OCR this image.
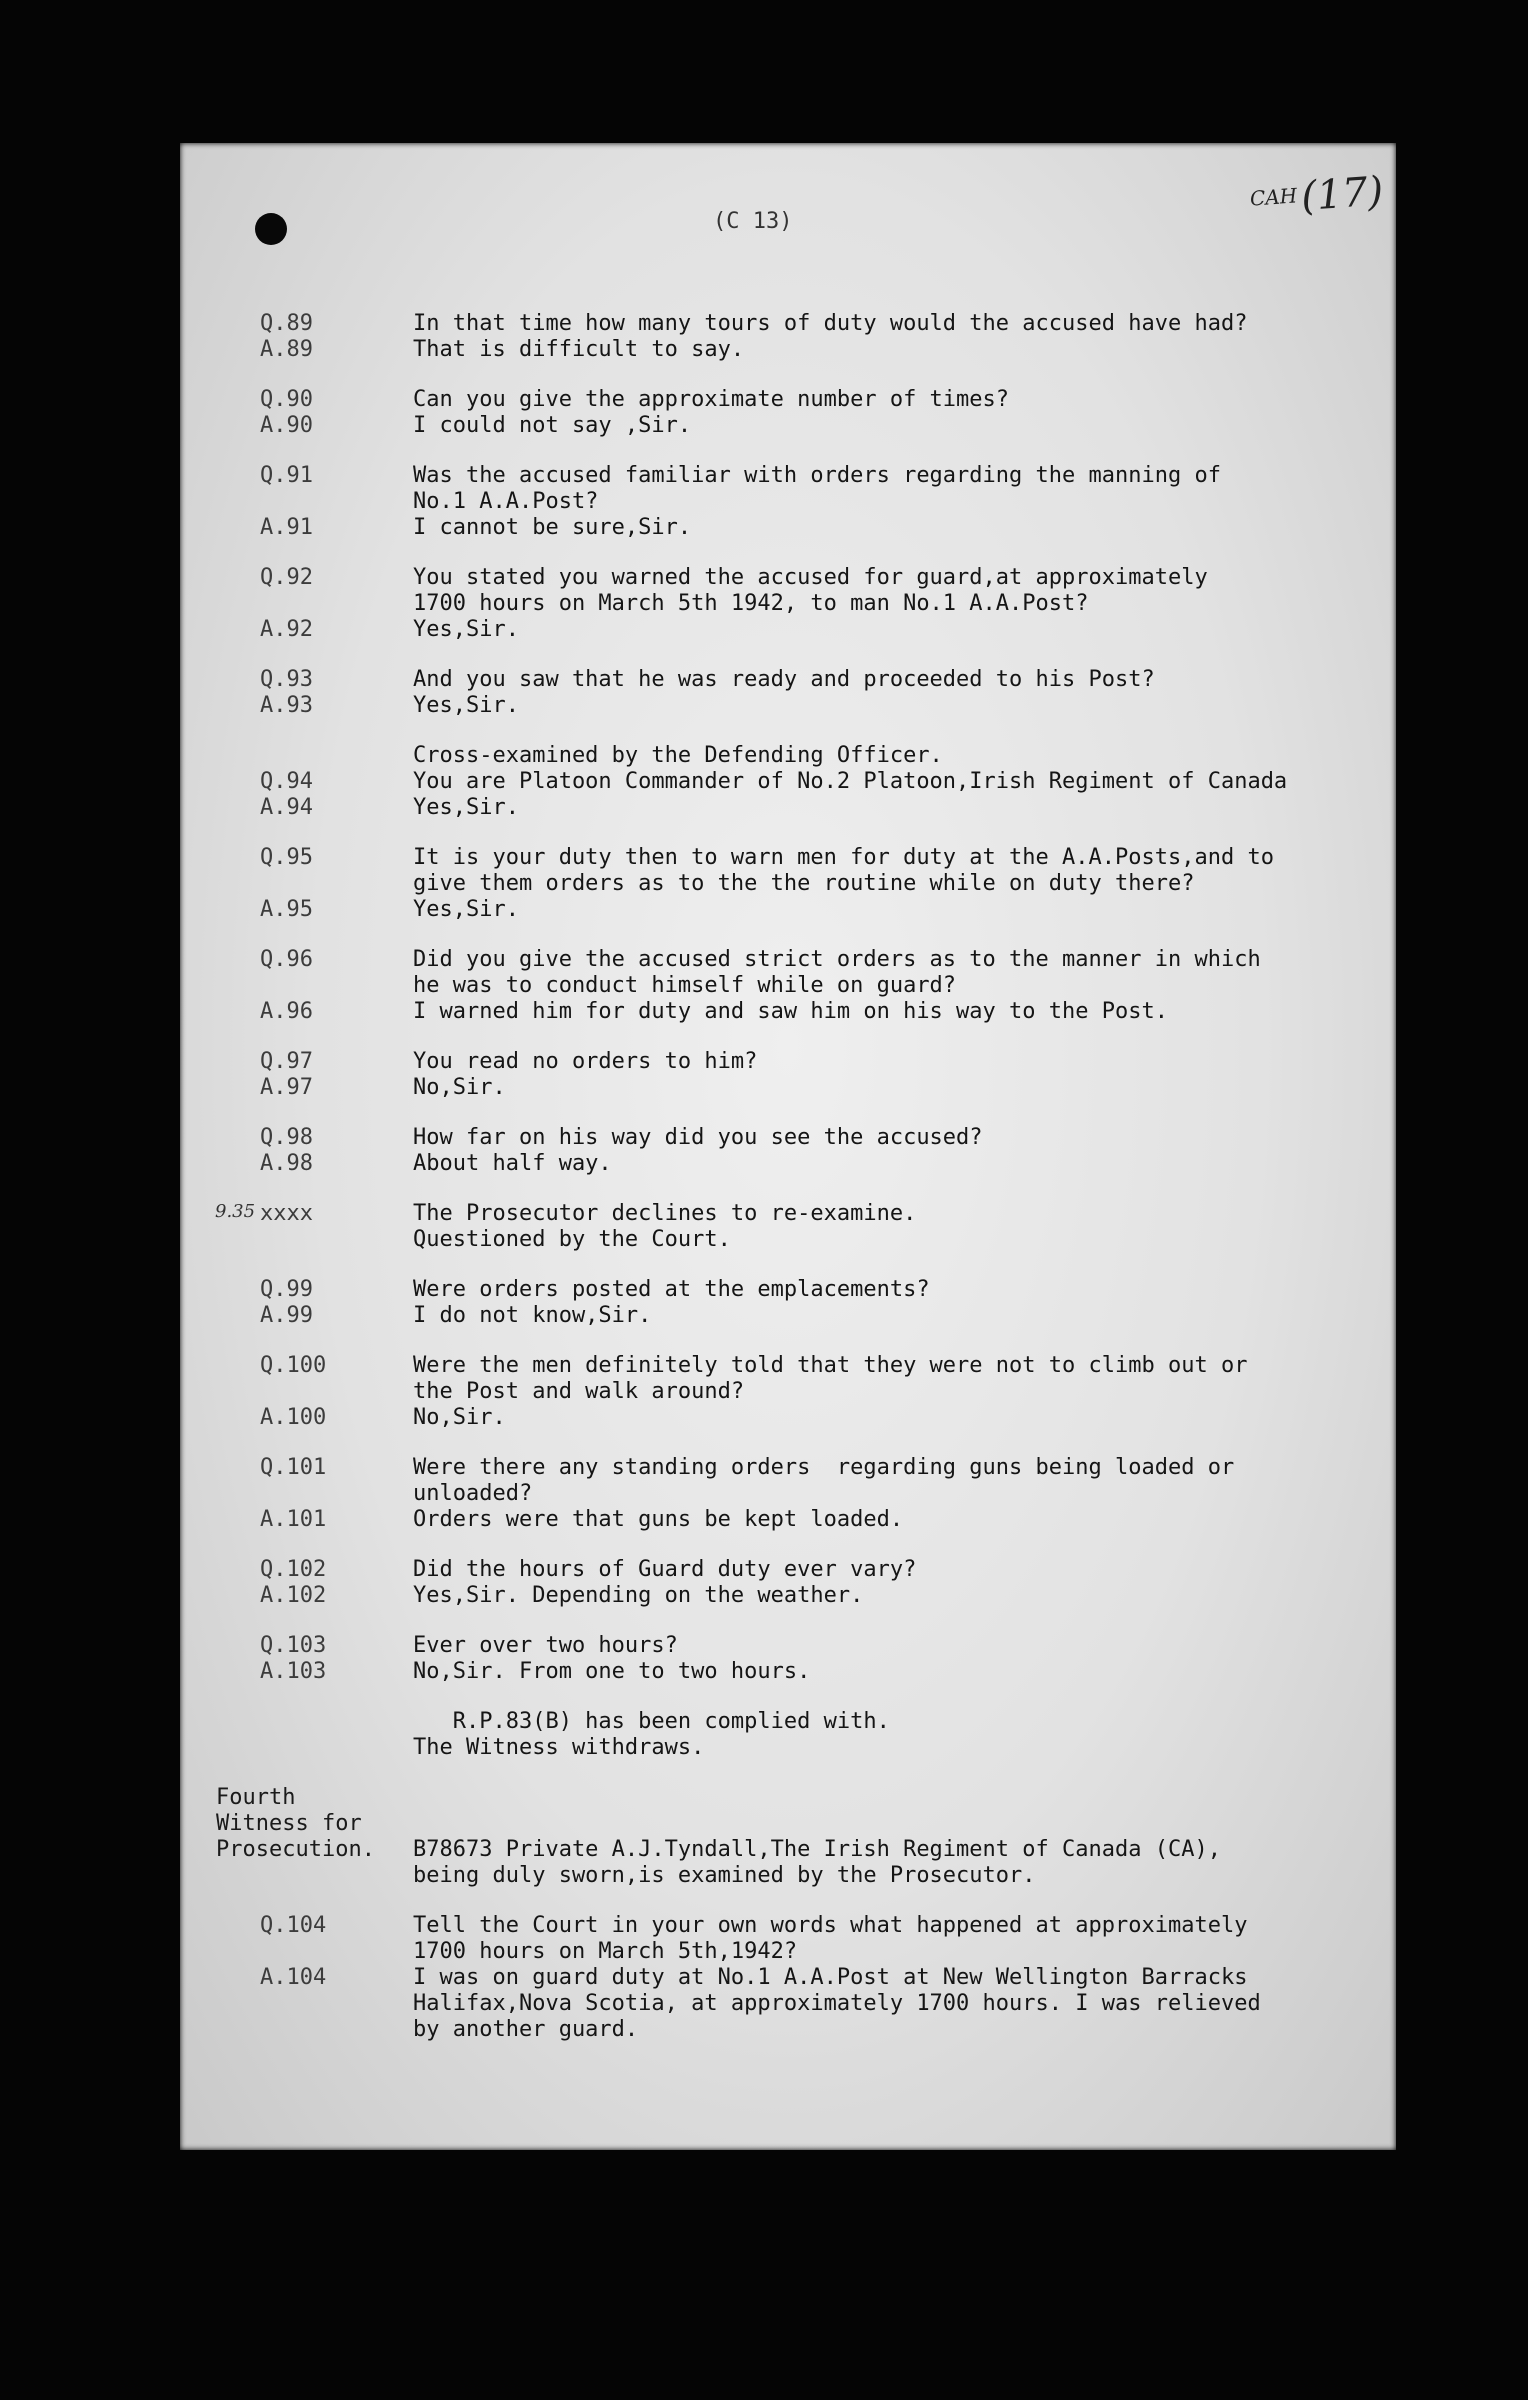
(C 13)
$^{CAH}$(17)
Q.89	In that time how many tours of duty would the accused have had?
A.89	That is difficult to say.
Q.90	Can you give the approximate number of times?
A.90	I could not say ,Sir.
Q.91	Was the accused familiar with orders regarding the manning of
No.1 A.A.Post?
A.91	I cannot be sure,Sir.
Q.92	You stated you warned the accused for guard,at approximately
1700 hours on March 5th 1942, to man No.1 A.A.Post?
A.92	Yes,Sir.
Q.93	And you saw that he was ready and proceeded to his Post?
A.93	Yes,Sir.
Cross-examined by the Defending Officer.
Q.94	You are Platoon Commander of No.2 Platoon,Irish Regiment of Canada
A.94	Yes,Sir.
Q.95	It is your duty then to warn men for duty at the A.A.Posts,and to
give them orders as to the the routine while on duty there?
A.95	Yes,Sir.
Q.96	Did you give the accused strict orders as to the manner in which
he was to conduct himself while on guard?
A.96	I warned him for duty and saw him on his way to the Post.
Q.97	You read no orders to him?
A.97	No,Sir.
Q.98	How far on his way did you see the accused?
A.98	About half way.
9.35 xxxx	The Prosecutor declines to re-examine.
Questioned by the Court.
Q.99	Were orders posted at the emplacements?
A.99	I do not know,Sir.
Q.100	Were the men definitely told that they were not to climb out or
the Post and walk around?
A.100	No,Sir.
Q.101	Were there any standing orders  regarding guns being loaded or
unloaded?
A.101	Orders were that guns be kept loaded.
Q.102	Did the hours of Guard duty ever vary?
A.102	Yes,Sir. Depending on the weather.
Q.103	Ever over two hours?
A.103	No,Sir. From one to two hours.
R.P.83(B) has been complied with.
The Witness withdraws.
Fourth
Witness for
Prosecution.	B78673 Private A.J.Tyndall,The Irish Regiment of Canada (CA),
being duly sworn,is examined by the Prosecutor.
Q.104	Tell the Court in your own words what happened at approximately
1700 hours on March 5th,1942?
A.104	I was on guard duty at No.1 A.A.Post at New Wellington Barracks
Halifax,Nova Scotia, at approximately 1700 hours. I was relieved
by another guard.
